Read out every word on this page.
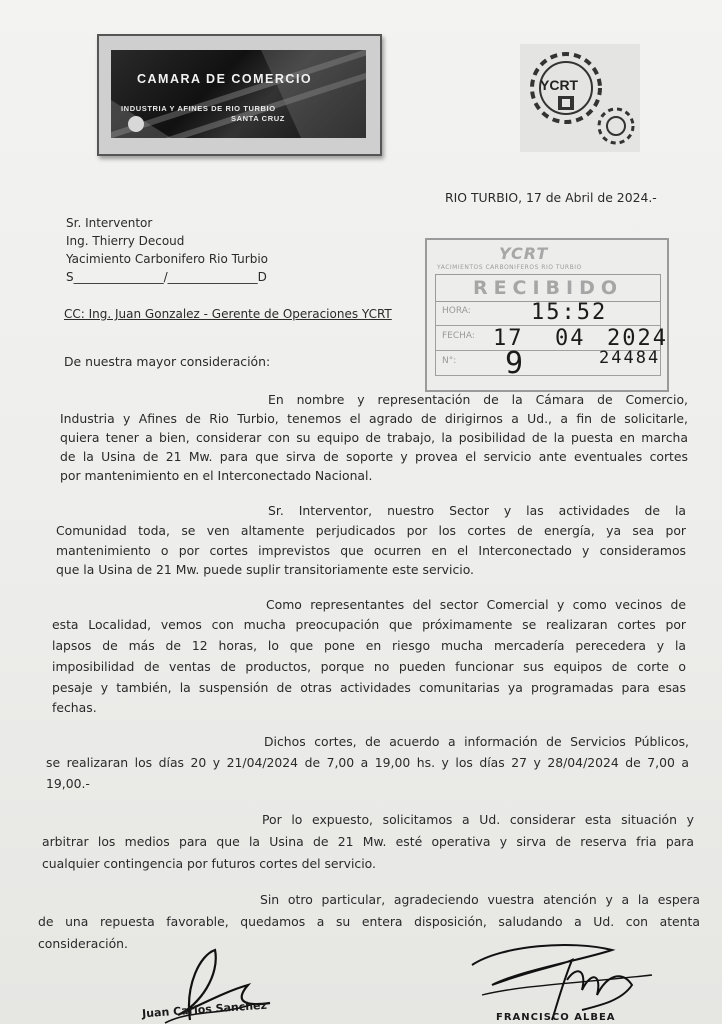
CAMARA DE COMERCIO
INDUSTRIA Y AFINES DE RIO TURBIO
SANTA CRUZ
YCRT
RIO TURBIO, 17 de Abril de 2024.-
Sr. Interventor
Ing. Thierry Decoud
Yacimiento Carbonifero Rio Turbio
S_______________/_______________D
CC: Ing. Juan Gonzalez - Gerente de Operaciones YCRT
YCRT
YACIMIENTOS CARBONIFEROS RIO TURBIO
RECIBIDO
HORA:
FECHA:
N°:
15:52
17 04 2024
9	24484
De nuestra mayor consideración:
En nombre y representación de la Cámara de Comercio,
Industria y Afines de Rio Turbio, tenemos el agrado de dirigirnos a Ud., a fin de solicitarle,
quiera tener a bien, considerar con su equipo de trabajo, la posibilidad de la puesta en marcha
de la Usina de 21 Mw. para que sirva de soporte y provea el servicio ante eventuales cortes
por mantenimiento en el Interconectado Nacional.
Sr. Interventor, nuestro Sector y las actividades de la
Comunidad toda, se ven altamente perjudicados por los cortes de energía, ya sea por
mantenimiento o por cortes imprevistos que ocurren en el Interconectado y consideramos
que la Usina de 21 Mw. puede suplir transitoriamente este servicio.
Como representantes del sector Comercial y como vecinos de
esta Localidad, vemos con mucha preocupación que próximamente se realizaran cortes por
lapsos de más de 12 horas, lo que pone en riesgo mucha mercadería perecedera y la
imposibilidad de ventas de productos, porque no pueden funcionar sus equipos de corte o
pesaje y también, la suspensión de otras actividades comunitarias ya programadas para esas
fechas.
Dichos cortes, de acuerdo a información de Servicios Públicos,
se realizaran los días 20 y 21/04/2024 de 7,00 a 19,00 hs. y los días 27 y 28/04/2024 de 7,00 a
19,00.-
Por lo expuesto, solicitamos a Ud. considerar esta situación y
arbitrar los medios para que la Usina de 21 Mw. esté operativa y sirva de reserva fria para
cualquier contingencia por futuros cortes del servicio.
Sin otro particular, agradeciendo vuestra atención y a la espera
de una repuesta favorable, quedamos a su entera disposición, saludando a Ud. con atenta
consideración.
Juan Carlos Sanchez	FRANCISCO ALBEA
